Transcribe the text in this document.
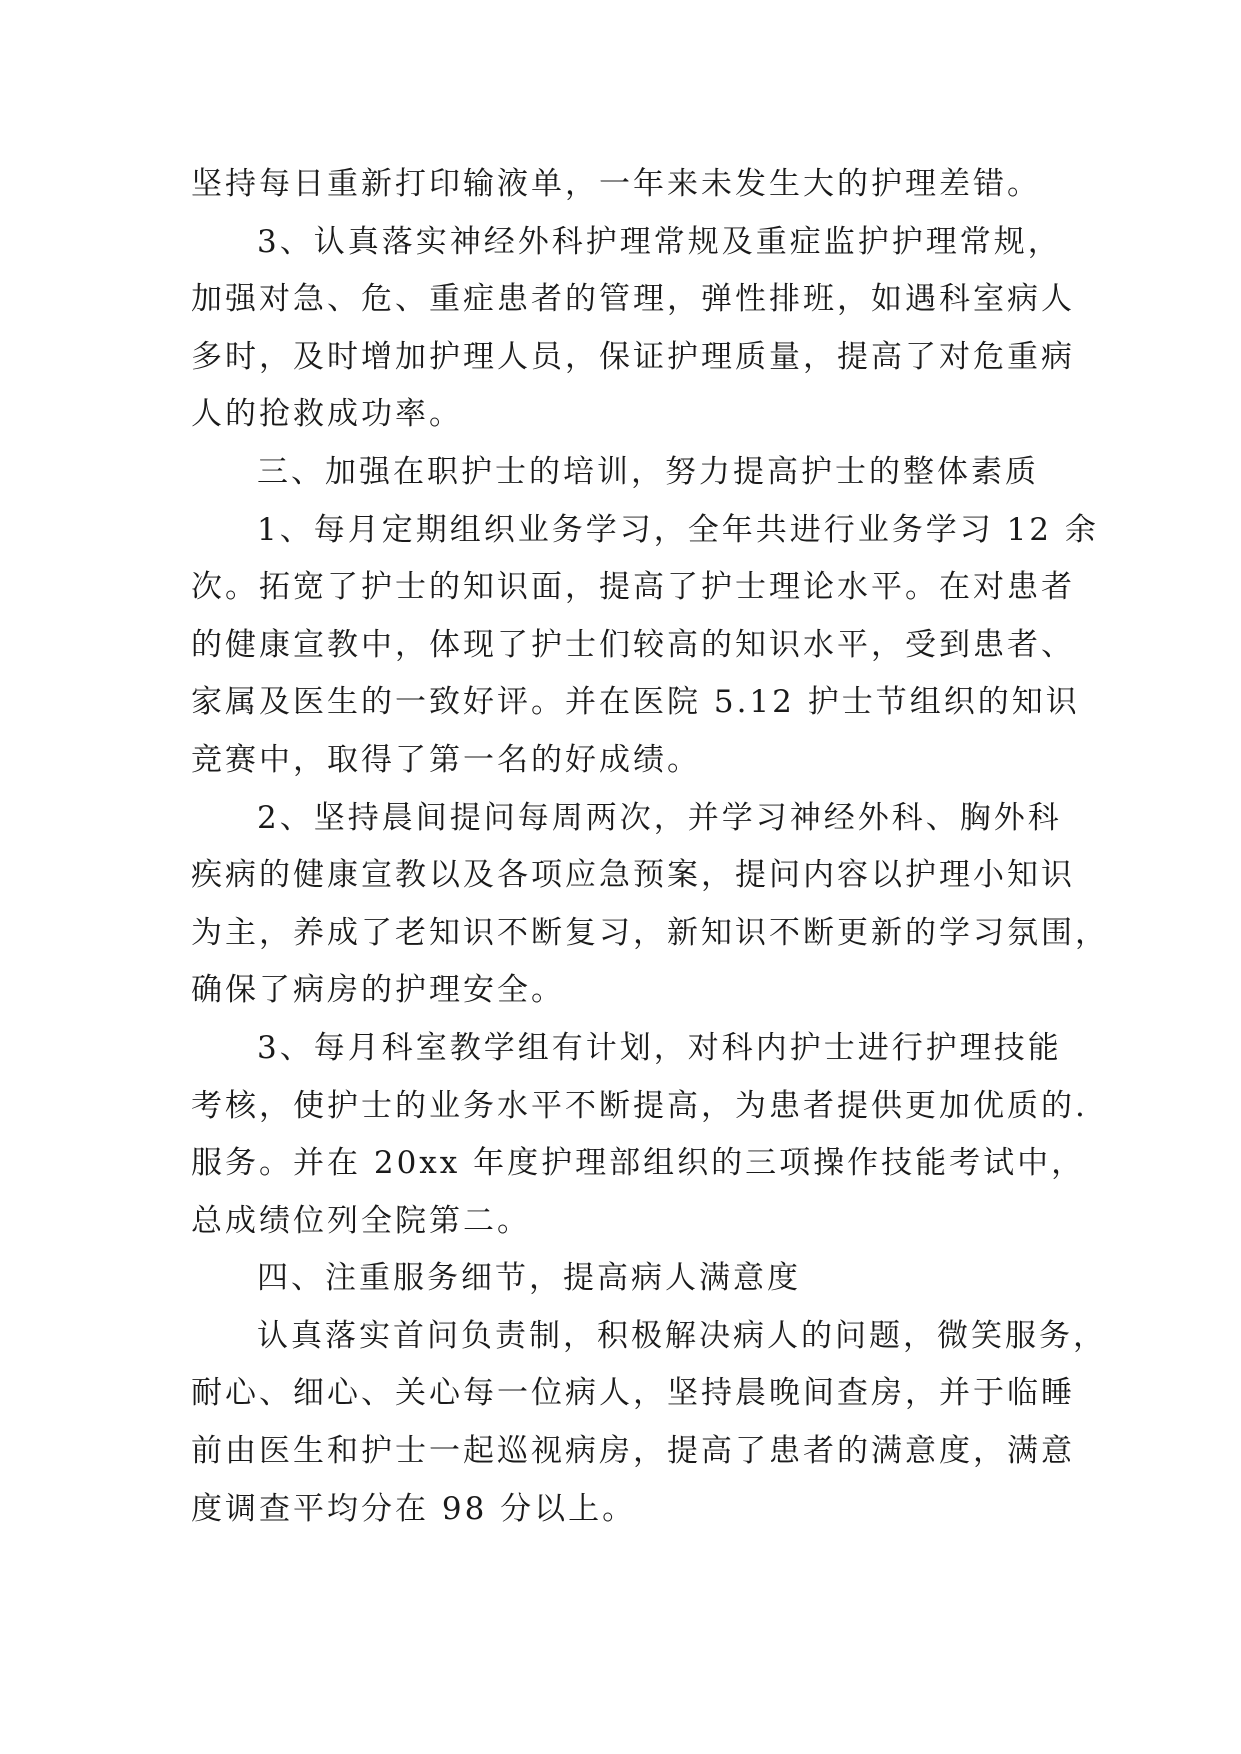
坚持每日重新打印输液单，一年来未发生大的护理差错。
3、认真落实神经外科护理常规及重症监护护理常规，
加强对急、危、重症患者的管理，弹性排班，如遇科室病人
多时，及时增加护理人员，保证护理质量，提高了对危重病
人的抢救成功率。
三、加强在职护士的培训，努力提高护士的整体素质
1、每月定期组织业务学习，全年共进行业务学习 12 余
次。拓宽了护士的知识面，提高了护士理论水平。在对患者
的健康宣教中，体现了护士们较高的知识水平，受到患者、
家属及医生的一致好评。并在医院 5.12 护士节组织的知识
竞赛中，取得了第一名的好成绩。
2、坚持晨间提问每周两次，并学习神经外科、胸外科
疾病的健康宣教以及各项应急预案，提问内容以护理小知识
为主，养成了老知识不断复习，新知识不断更新的学习氛围，
确保了病房的护理安全。
3、每月科室教学组有计划，对科内护士进行护理技能
考核，使护士的业务水平不断提高，为患者提供更加优质的.
服务。并在 20xx 年度护理部组织的三项操作技能考试中，
总成绩位列全院第二。
四、注重服务细节，提高病人满意度
认真落实首问负责制，积极解决病人的问题，微笑服务，
耐心、细心、关心每一位病人，坚持晨晚间查房，并于临睡
前由医生和护士一起巡视病房，提高了患者的满意度，满意
度调查平均分在 98 分以上。
